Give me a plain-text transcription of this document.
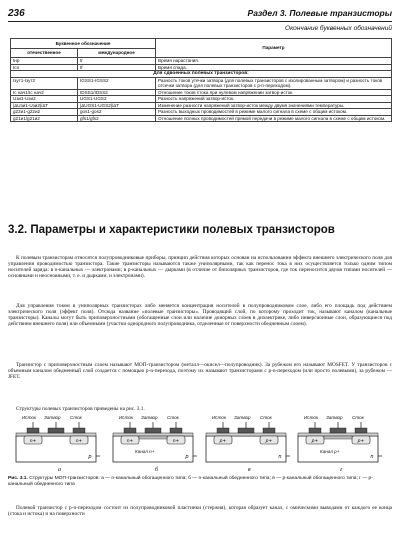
236	Раздел 3. Полевые транзисторы
Окончание буквенных обозначений
Буквенное обозначение		Параметр
отечественное	международное	
tнр	tr	Время нарастания.
tсп	tf	Время спада.
Для сдвоенных полевых транзисторов:		
Iзут1-Iзут2	IGSS1-IGSS2	Разность токов утечки затвора (для полевых транзисторов с изолированным затвором) и разность токов отсечки затвора (для полевых транзисторов с p-n-переходом).
Iс нач1/Iс нач2	IDSS1/IDSS2	Отношение токов стока при нулевом напряжении затвор-исток.
Uзи1-Uзи2	UGS1-UGS2	Разность напряжений затвор-исток.
|ΔUзи1-Uзи2|/ΔT	|ΔUGS1-UGS2|/ΔT	Изменение разности напряжений затвор-исток между двумя значениями температуры.
g22и1-g22и2	gos1-gos2	Разность выходных проводимостей в режиме малого сигнала в схеме с общим истоком.
g21и1/g21и2	gfs1/gfs2	Отношение полных проводимостей прямой передачи в режиме малого сигнала в схеме с общим истоком.
3.2. Параметры и характеристики полевых транзисторов
К полевым транзисторам относятся полупроводниковые приборы, принцип действия которых основан на использовании эффекта внешнего электрического поля для управления проводимостью транзистора. Такие транзисторы называются также униполярными, так как перенос тока в них осуществляется только одним типом носителей заряда: в n-канальных — электронами; в p-канальных — дырками (в отличие от биполярных транзисторов, где ток переносится двумя типами носителей — основными и неосновными, т. е. и дырками, и электронами).
Для управления током в униполярных транзисторах либо меняется концентрация носителей в полупроводниковом слое, либо его площадь под действием электрического поля (эффект поля). Отсюда название «полевые транзисторы». Проводящий слой, по которому проходит ток, называют каналом (канальные транзисторы). Каналы могут быть приповерхностными (обогащенные слои или наличие донорных слоев в диэлектрике, либо инверсионные слои, образующиеся под действием внешнего поля) или объемными (участки однородного полупроводника, отделенные от поверхности обедненным слоем).
Транзистор с приповерхностным слоем называют МОП-транзистором (металл—окисел—полупроводник). За рубежом его называют MOSFET. У транзисторов с объемным каналом обедненный слой создается с помощью p-n-перехода, поэтому их называют транзисторами с p-n-переходом (или просто полевыми), за рубежом — JFET.
Структуры полевых транзисторов приведены на рис. 3.1.
n+	n+
p
Исток Затвор Сток
n+	n+
p
Канал n+
Исток Затвор Сток
p+	p+
n
Исток Затвор Сток
p+	p+
n
Канал p+
Исток Затвор Сток
а	б	в	г
Рис. 3.1. Структуры МОП-транзисторов: а — n-канальный обогащенного типа; б — n-канальный обедненного типа; в — p-канальный обогащенного типа; г — p-канальный обедненного типа
Полевой транзистор с p-n-переходом состоит из полупроводниковой пластинки (стержня), которая образует канал, с омическими выводами от каждого ее конца (стока и истока) и на поверхности
